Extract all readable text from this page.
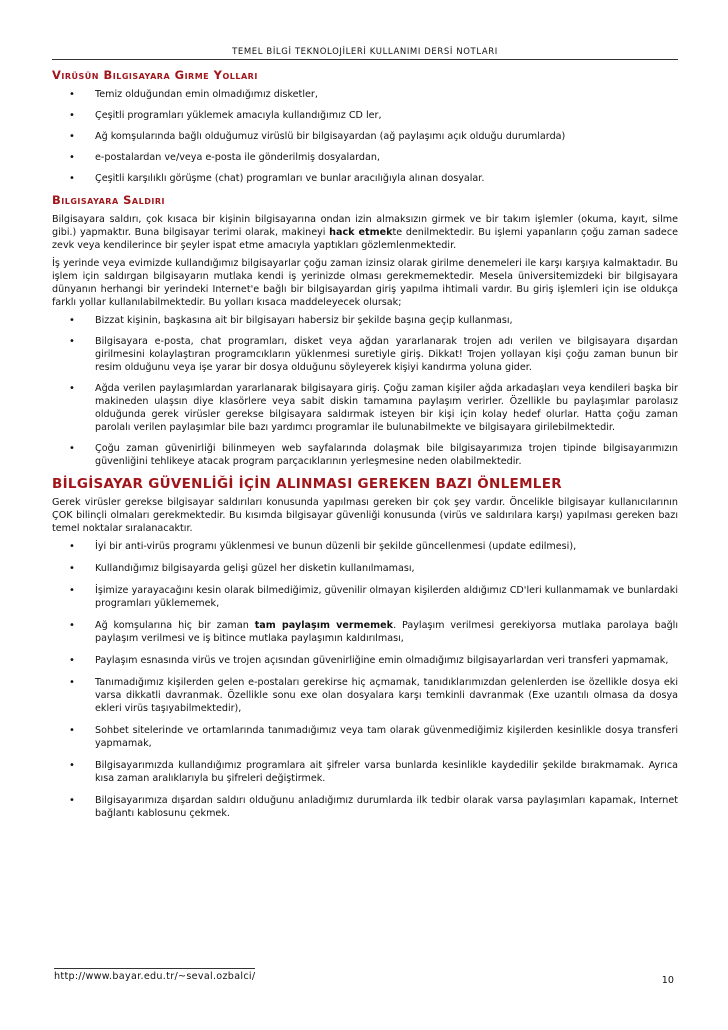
TEMEL BİLGİ TEKNOLOJİLERİ KULLANIMI DERSİ NOTLARI
Virüsün Bilgisayara Girme Yolları
• Temiz olduğundan emin olmadığımız disketler,
• Çeşitli programları yüklemek amacıyla kullandığımız CD ler,
• Ağ komşularında bağlı olduğumuz virüslü bir bilgisayardan (ağ paylaşımı açık olduğu durumlarda)
• e-postalardan ve/veya e-posta ile gönderilmiş dosyalardan,
• Çeşitli karşılıklı görüşme (chat) programları ve bunlar aracılığıyla alınan dosyalar.
Bilgisayara Saldırı

Bilgisayara saldırı, çok kısaca bir kişinin bilgisayarına ondan izin almaksızın girmek ve bir takım işlemler (okuma, kayıt, silme gibi.) yapmaktır. Buna bilgisayar terimi olarak, makineyi hack etmekte denilmektedir. Bu işlemi yapanların çoğu zaman sadece zevk veya kendilerince bir şeyler ispat etme amacıyla yaptıkları gözlemlenmektedir.

İş yerinde veya evimizde kullandığımız bilgisayarlar çoğu zaman izinsiz olarak girilme denemeleri ile karşı karşıya kalmaktadır. Bu işlem için saldırgan bilgisayarın mutlaka kendi iş yerinizde olması gerekmemektedir. Mesela üniversitemizdeki bir bilgisayara dünyanın herhangi bir yerindeki Internet'e bağlı bir bilgisayardan giriş yapılma ihtimali vardır. Bu giriş işlemleri için ise oldukça farklı yollar kullanılabilmektedir. Bu yolları kısaca maddeleyecek olursak;

• Bizzat kişinin, başkasına ait bir bilgisayarı habersiz bir şekilde başına geçip kullanması,
• Bilgisayara e-posta, chat programları, disket veya ağdan yararlanarak trojen adı verilen ve bilgisayara dışardan girilmesini kolaylaştıran programcıkların yüklenmesi suretiyle giriş. Dikkat! Trojen yollayan kişi çoğu zaman bunun bir resim olduğunu veya işe yarar bir dosya olduğunu söyleyerek kişiyi kandırma yoluna gider.
• Ağda verilen paylaşımlardan yararlanarak bilgisayara giriş. Çoğu zaman kişiler ağda arkadaşları veya kendileri başka bir makineden ulaşsın diye klasörlere veya sabit diskin tamamına paylaşım verirler. Özellikle bu paylaşımlar parolasız olduğunda gerek virüsler gerekse bilgisayara saldırmak isteyen bir kişi için kolay hedef olurlar. Hatta çoğu zaman parolalı verilen paylaşımlar bile bazı yardımcı programlar ile bulunabilmekte ve bilgisayara girilebilmektedir.
• Çoğu zaman güvenirliği bilinmeyen web sayfalarında dolaşmak bile bilgisayarımıza trojen tipinde bilgisayarımızın güvenliğini tehlikeye atacak program parçacıklarının yerleşmesine neden olabilmektedir.
BİLGİSAYAR GÜVENLİĞİ İÇİN ALINMASI GEREKEN BAZI ÖNLEMLER

Gerek virüsler gerekse bilgisayar saldırıları konusunda yapılması gereken bir çok şey vardır. Öncelikle bilgisayar kullanıcılarının ÇOK bilinçli olmaları gerekmektedir. Bu kısımda bilgisayar güvenliği konusunda (virüs ve saldırılara karşı) yapılması gereken bazı temel noktalar sıralanacaktır.

• İyi bir anti-virüs programı yüklenmesi ve bunun düzenli bir şekilde güncellenmesi (update edilmesi),
• Kullandığımız bilgisayarda gelişi güzel her disketin kullanılmaması,
• İşimize yarayacağını kesin olarak bilmediğimiz, güvenilir olmayan kişilerden aldığımız CD'leri kullanmamak ve bunlardaki programları yüklememek,
• Ağ komşularına hiç bir zaman tam paylaşım vermemek. Paylaşım verilmesi gerekiyorsa mutlaka parolaya bağlı paylaşım verilmesi ve iş bitince mutlaka paylaşımın kaldırılması,
• Paylaşım esnasında virüs ve trojen açısından güvenirliğine emin olmadığımız bilgisayarlardan veri transferi yapmamak,
• Tanımadığımız kişilerden gelen e-postaları gerekirse hiç açmamak, tanıdıklarımızdan gelenlerden ise özellikle dosya eki varsa dikkatli davranmak. Özellikle sonu exe olan dosyalara karşı temkinli davranmak (Exe uzantılı olmasa da dosya ekleri virüs taşıyabilmektedir),
• Sohbet sitelerinde ve ortamlarında tanımadığımız veya tam olarak güvenmediğimiz kişilerden kesinlikle dosya transferi yapmamak,
• Bilgisayarımızda kullandığımız programlara ait şifreler varsa bunlarda kesinlikle kaydedilir şekilde bırakmamak. Ayrıca kısa zaman aralıklarıyla bu şifreleri değiştirmek.
• Bilgisayarımıza dışardan saldırı olduğunu anladığımız durumlarda ilk tedbir olarak varsa paylaşımları kapamak, Internet bağlantı kablosunu çekmek.
http://www.bayar.edu.tr/~seval.ozbalci/	10
